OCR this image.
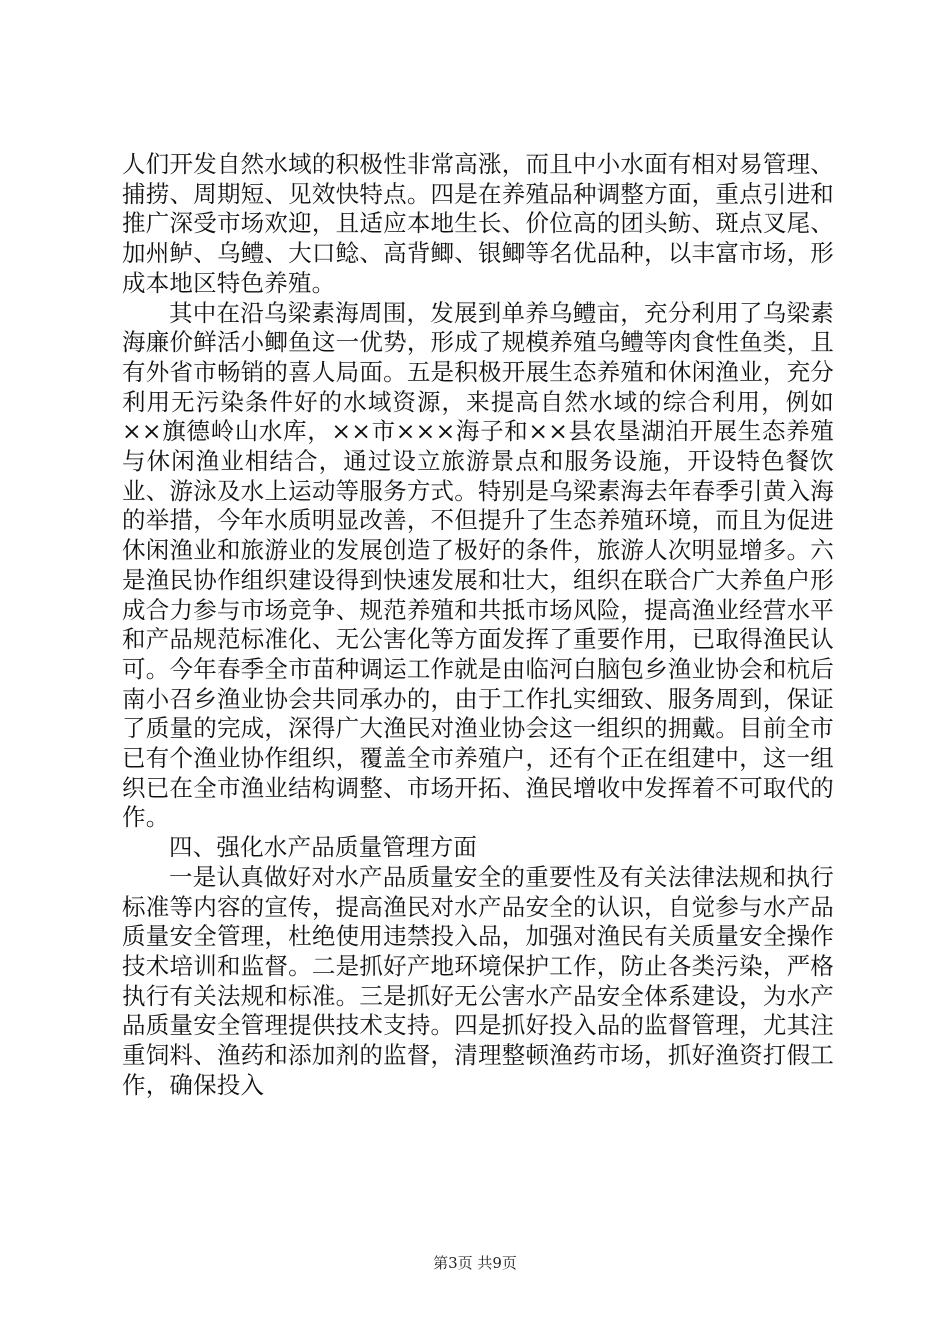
人们开发自然水域的积极性非常高涨，而且中小水面有相对易管理、捕捞、周期短、见效快特点。四是在养殖品种调整方面，重点引进和推广深受市场欢迎，且适应本地生长、价位高的团头鲂、斑点叉尾、加州鲈、乌鳢、大口鲶、高背鲫、银鲫等名优品种，以丰富市场，形成本地区特色养殖。

其中在沿乌梁素海周围，发展到单养乌鳢亩，充分利用了乌梁素海廉价鲜活小鲫鱼这一优势，形成了规模养殖乌鳢等肉食性鱼类，且有外省市畅销的喜人局面。五是积极开展生态养殖和休闲渔业，充分利用无污染条件好的水域资源，来提高自然水域的综合利用，例如××旗德岭山水库，××市×××海子和××县农垦湖泊开展生态养殖与休闲渔业相结合，通过设立旅游景点和服务设施，开设特色餐饮业、游泳及水上运动等服务方式。特别是乌梁素海去年春季引黄入海的举措，今年水质明显改善，不但提升了生态养殖环境，而且为促进休闲渔业和旅游业的发展创造了极好的条件，旅游人次明显增多。六是渔民协作组织建设得到快速发展和壮大，组织在联合广大养鱼户形成合力参与市场竞争、规范养殖和共抵市场风险，提高渔业经营水平和产品规范标准化、无公害化等方面发挥了重要作用，已取得渔民认可。今年春季全市苗种调运工作就是由临河白脑包乡渔业协会和杭后南小召乡渔业协会共同承办的，由于工作扎实细致、服务周到，保证了质量的完成，深得广大渔民对渔业协会这一组织的拥戴。目前全市已有个渔业协作组织，覆盖全市养殖户，还有个正在组建中，这一组织已在全市渔业结构调整、市场开拓、渔民增收中发挥着不可取代的作。

四、强化水产品质量管理方面

一是认真做好对水产品质量安全的重要性及有关法律法规和执行标准等内容的宣传，提高渔民对水产品安全的认识，自觉参与水产品质量安全管理，杜绝使用违禁投入品，加强对渔民有关质量安全操作技术培训和监督。二是抓好产地环境保护工作，防止各类污染，严格执行有关法规和标准。三是抓好无公害水产品安全体系建设，为水产品质量安全管理提供技术支持。四是抓好投入品的监督管理，尤其注重饲料、渔药和添加剂的监督，清理整顿渔药市场，抓好渔资打假工作，确保投入

第3页 共9页
